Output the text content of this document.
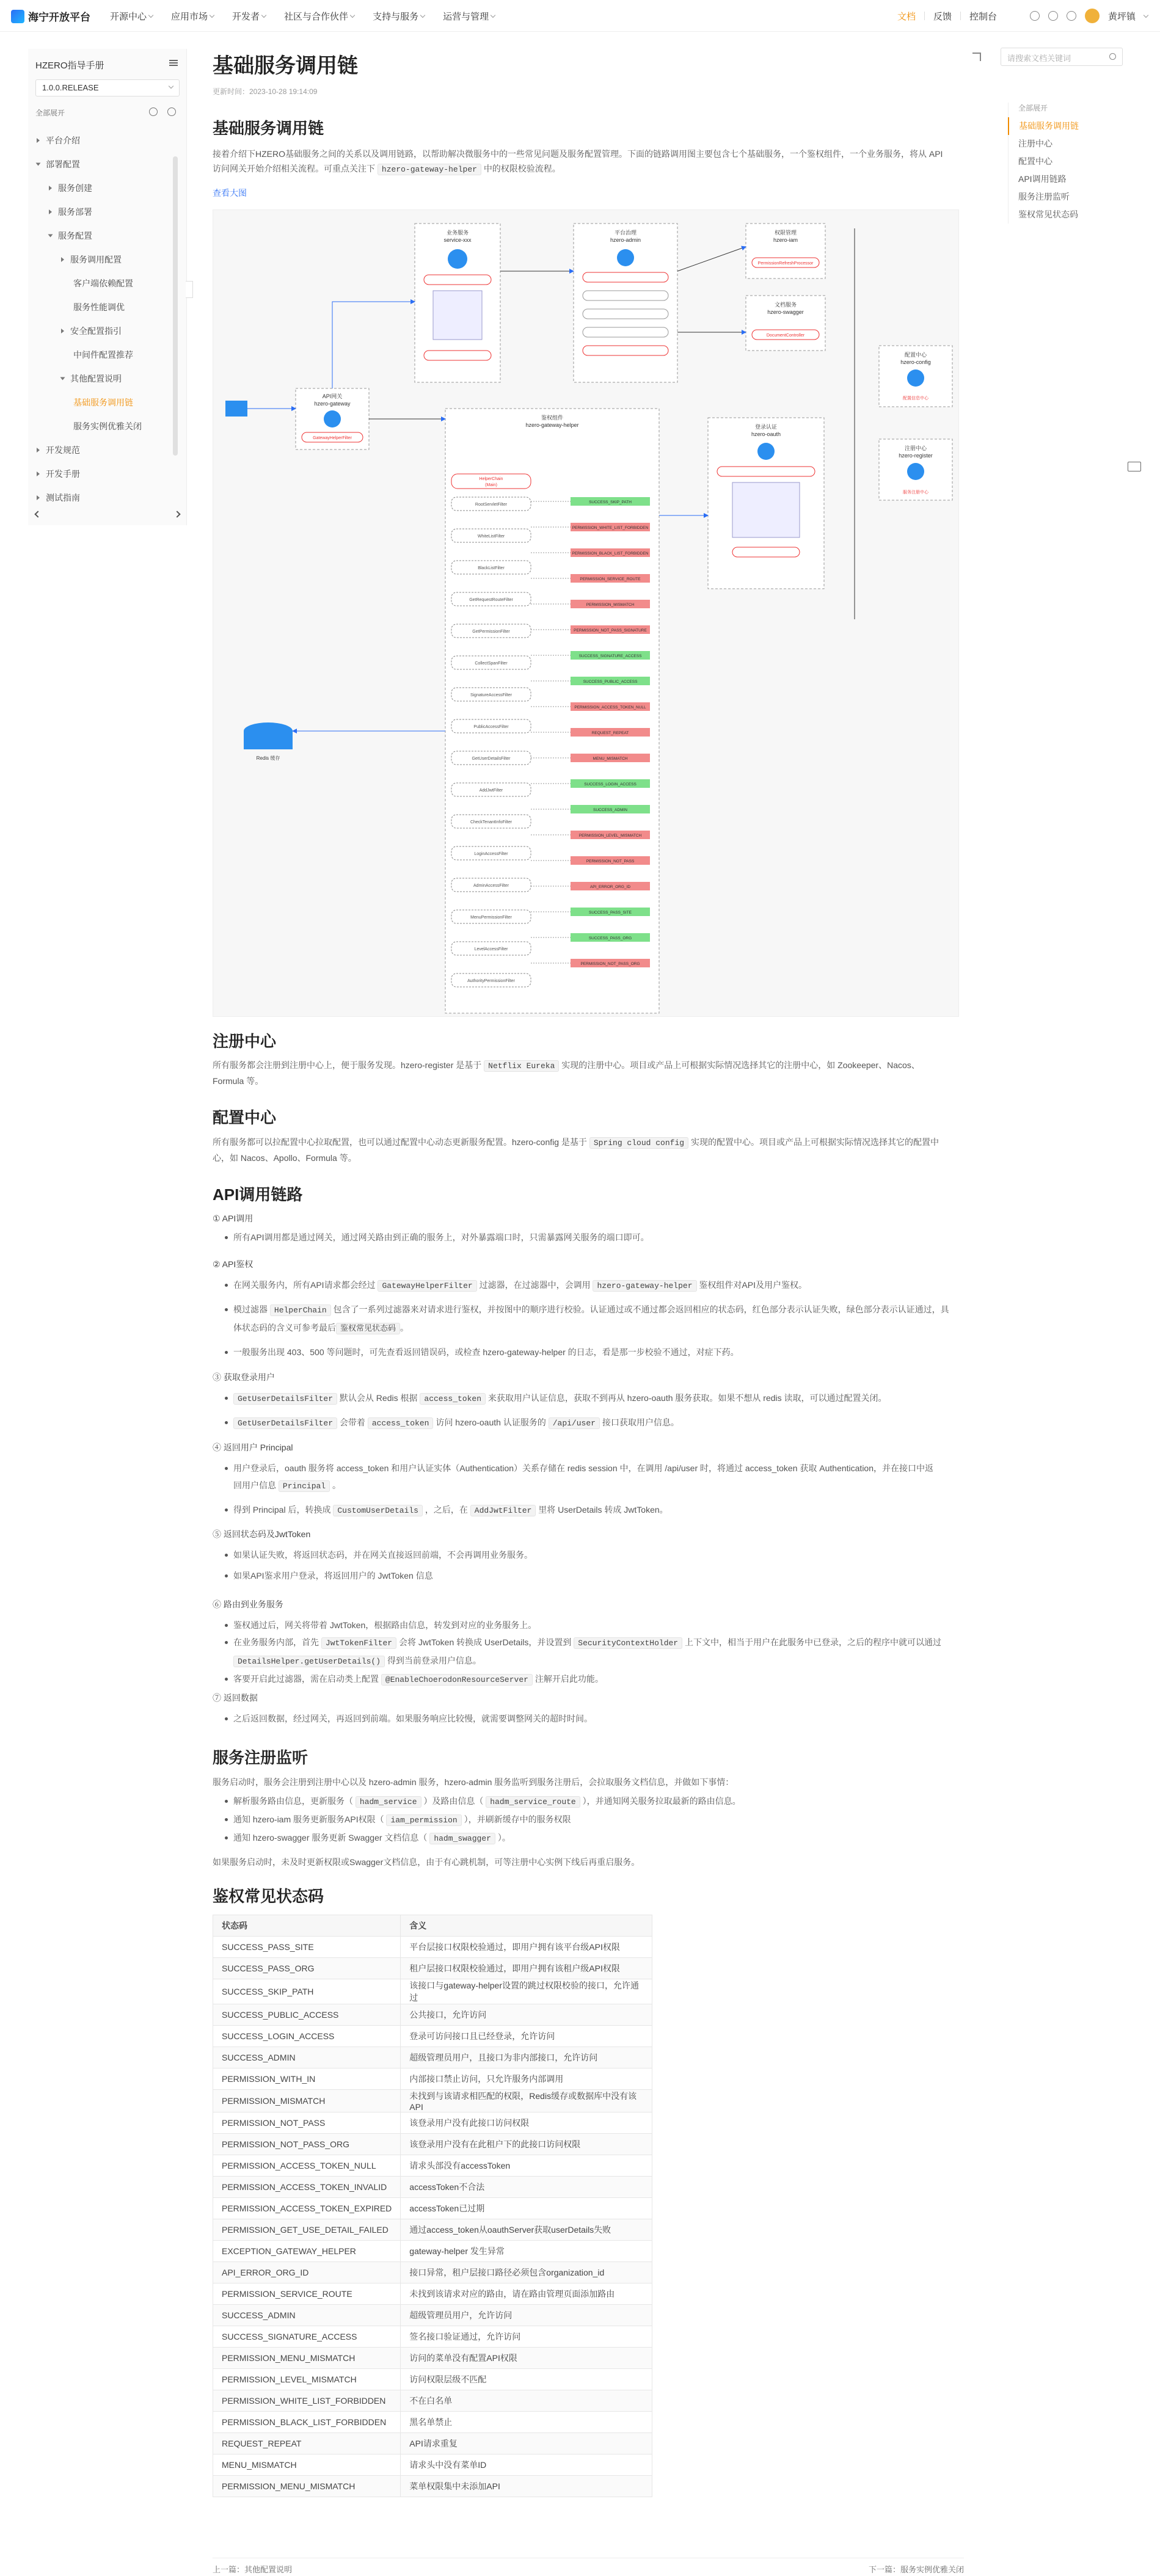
海宁开放平台 开源中心	应用市场	开发者	社区与合作伙伴	支持与服务	运营与管理	文档 反馈 控制台	黄坪镇
HZERO指导手册
1.0.0.RELEASE
全部展开
平台介绍
部署配置
服务创建
服务部署
服务配置
服务调用配置
客户端依赖配置
服务性能调优
安全配置指引
中间件配置推荐
其他配置说明
基础服务调用链
服务实例优雅关闭
开发规范
开发手册
测试指南
基础服务调用链
更新时间：2023-10-28 19:14:09
基础服务调用链

接着介绍下HZERO基础服务之间的关系以及调用链路，以帮助解决微服务中的一些常见问题及服务配置管理。下面的链路调用图主要包含七个基础服务，一个鉴权组件，一个业务服务，将从 API

访问网关开始介绍相关流程。可重点关注下 hzero-gateway-helper 中的权限校验流程。
查看大图
业务服务
service-xxx
平台治理
hzero-admin
权限管理
hzero-iam
PermissionRefreshProcessor
文档服务
hzero-swagger
DocumentController
配置中心
hzero-config
配置信息中心
注册中心
hzero-register
服务注册中心
API网关
hzero-gateway
GatewayHelperFilter
登录认证
hzero-oauth
鉴权组件
hzero-gateway-helper
HelperChain
(Main)
RootServletFilter
WhiteListFilter
BlackListFilter
GetRequestRouteFilter
GetPermissionFilter
CollectSpanFilter
SignatureAccessFilter
PublicAccessFilter
GetUserDetailsFilter
AddJwtFilter
CheckTenantInfoFilter
LoginAccessFilter
AdminAccessFilter
MenuPermissionFilter
LevelAccessFilter
AuthorityPermissionFilter
SUCCESS_SKIP_PATH
PERMISSION_WHITE_LIST_FORBIDDEN
PERMISSION_BLACK_LIST_FORBIDDEN
PERMISSION_SERVICE_ROUTE
PERMISSION_MISMATCH
PERMISSION_NOT_PASS_SIGNATURE
SUCCESS_SIGNATURE_ACCESS
SUCCESS_PUBLIC_ACCESS
PERMISSION_ACCESS_TOKEN_NULL
REQUEST_REPEAT
MENU_MISMATCH
SUCCESS_LOGIN_ACCESS
SUCCESS_ADMIN
PERMISSION_LEVEL_MISMATCH
PERMISSION_NOT_PASS
API_ERROR_ORG_ID
SUCCESS_PASS_SITE
SUCCESS_PASS_ORG
PERMISSION_NOT_PASS_ORG
Redis 缓存
注册中心
所有服务都会注册到注册中心上，便于服务发现。hzero-register 是基于 Netflix Eureka 实现的注册中心。项目或产品上可根据实际情况选择其它的注册中心，如 Zookeeper、Nacos、
Formula 等。
配置中心
所有服务都可以拉配置中心拉取配置，也可以通过配置中心动态更新服务配置。hzero-config 是基于 Spring cloud config 实现的配置中心。项目或产品上可根据实际情况选择其它的配置中
心，如 Nacos、Apollo、Formula 等。
API调用链路
① API调用
所有API调用都是通过网关，通过网关路由到正确的服务上，对外暴露端口时，只需暴露网关服务的端口即可。
② API鉴权
在网关服务内，所有API请求都会经过 GatewayHelperFilter 过滤器，在过滤器中，会调用 hzero-gateway-helper 鉴权组件对API及用户鉴权。
模过滤器 HelperChain 包含了一系列过滤器来对请求进行鉴权，并按图中的顺序进行校验。认证通过或不通过都会返回相应的状态码，红色部分表示认证失败，绿色部分表示认证通过，具
体状态码的含义可参考最后 鉴权常见状态码 。
一般服务出现 403、500 等问题时，可先查看返回错误码，或检查 hzero-gateway-helper 的日志，看是那一步校验不通过，对症下药。
③ 获取登录用户
GetUserDetailsFilter 默认会从 Redis 根据 access_token 来获取用户认证信息，获取不到再从 hzero-oauth 服务获取。如果不想从 redis 读取，可以通过配置关闭。
GetUserDetailsFilter 会带着 access_token 访问 hzero-oauth 认证服务的 /api/user 接口获取用户信息。
④ 返回用户 Principal
用户登录后，oauth 服务将 access_token 和用户认证实体（Authentication）关系存储在 redis session 中，在调用 /api/user 时，将通过 access_token 获取 Authentication，并在接口中返
回用户信息 Principal 。
得到 Principal 后，转换成 CustomUserDetails ，之后，在 AddJwtFilter 里将 UserDetails 转成 JwtToken。
⑤ 返回状态码及JwtToken
如果认证失败，将返回状态码，并在网关直接返回前端，不会再调用业务服务。
如果API鉴求用户登录，将返回用户的 JwtToken 信息
⑥ 路由到业务服务
鉴权通过后，网关将带着 JwtToken，根据路由信息，转发到对应的业务服务上。
在业务服务内部，首先 JwtTokenFilter 会将 JwtToken 转换成 UserDetails，并设置到 SecurityContextHolder 上下文中，相当于用户在此服务中已登录，之后的程序中就可以通过
DetailsHelper.getUserDetails() 得到当前登录用户信息。
客要开启此过滤器，需在启动类上配置 @EnableChoerodonResourceServer 注解开启此功能。
⑦ 返回数据
之后返回数据，经过网关，再返回到前端。如果服务响应比较慢，就需要调整网关的超时时间。
服务注册监听

服务启动时，服务会注册到注册中心以及 hzero-admin 服务，hzero-admin 服务监听到服务注册后，会拉取服务文档信息，并做如下事情：

解析服务路由信息，更新服务（ hadm_service ）及路由信息（ hadm_service_route ），并通知网关服务拉取最新的路由信息。
通知 hzero-iam 服务更新服务API权限（ iam_permission ），并刷新缓存中的服务权限
通知 hzero-swagger 服务更新 Swagger 文档信息（ hadm_swagger ）。

如果服务启动时，未及时更新权限或Swagger文档信息，由于有心跳机制，可等注册中心实例下线后再重启服务。

鉴权常见状态码
状态码	含义
SUCCESS_PASS_SITE	平台层接口权限校验通过，即用户拥有该平台级API权限
SUCCESS_PASS_ORG	租户层接口权限校验通过，即用户拥有该租户级API权限
SUCCESS_SKIP_PATH	该接口与gateway-helper设置的跳过权限校验的接口，允许通过
SUCCESS_PUBLIC_ACCESS	公共接口，允许访问
SUCCESS_LOGIN_ACCESS	登录可访问接口且已经登录，允许访问
SUCCESS_ADMIN	超级管理员用户，且接口为非内部接口，允许访问
PERMISSION_WITH_IN	内部接口禁止访问，只允许服务内部调用
PERMISSION_MISMATCH	未找到与该请求相匹配的权限，Redis缓存或数据库中没有该API
PERMISSION_NOT_PASS	该登录用户没有此接口访问权限
PERMISSION_NOT_PASS_ORG	该登录用户没有在此租户下的此接口访问权限
PERMISSION_ACCESS_TOKEN_NULL	请求头部没有accessToken
PERMISSION_ACCESS_TOKEN_INVALID	accessToken不合法
PERMISSION_ACCESS_TOKEN_EXPIRED	accessToken已过期
PERMISSION_GET_USE_DETAIL_FAILED	通过access_token从oauthServer获取userDetails失败
EXCEPTION_GATEWAY_HELPER	gateway-helper 发生异常
API_ERROR_ORG_ID	接口异常，租户层接口路径必须包含organization_id
PERMISSION_SERVICE_ROUTE	未找到该请求对应的路由，请在路由管理页面添加路由
SUCCESS_ADMIN	超级管理员用户，允许访问
SUCCESS_SIGNATURE_ACCESS	签名接口验证通过，允许访问
PERMISSION_MENU_MISMATCH	访问的菜单没有配置API权限
PERMISSION_LEVEL_MISMATCH	访问权限层级不匹配
PERMISSION_WHITE_LIST_FORBIDDEN	不在白名单
PERMISSION_BLACK_LIST_FORBIDDEN	黑名单禁止
REQUEST_REPEAT	API请求重复
MENU_MISMATCH	请求头中没有菜单ID
PERMISSION_MENU_MISMATCH	菜单权限集中未添加API
上一篇：其他配置说明	下一篇：服务实例优雅关闭
请搜索文档关键词
全部展开
基础服务调用链
注册中心
配置中心
API调用链路
服务注册监听
鉴权常见状态码
